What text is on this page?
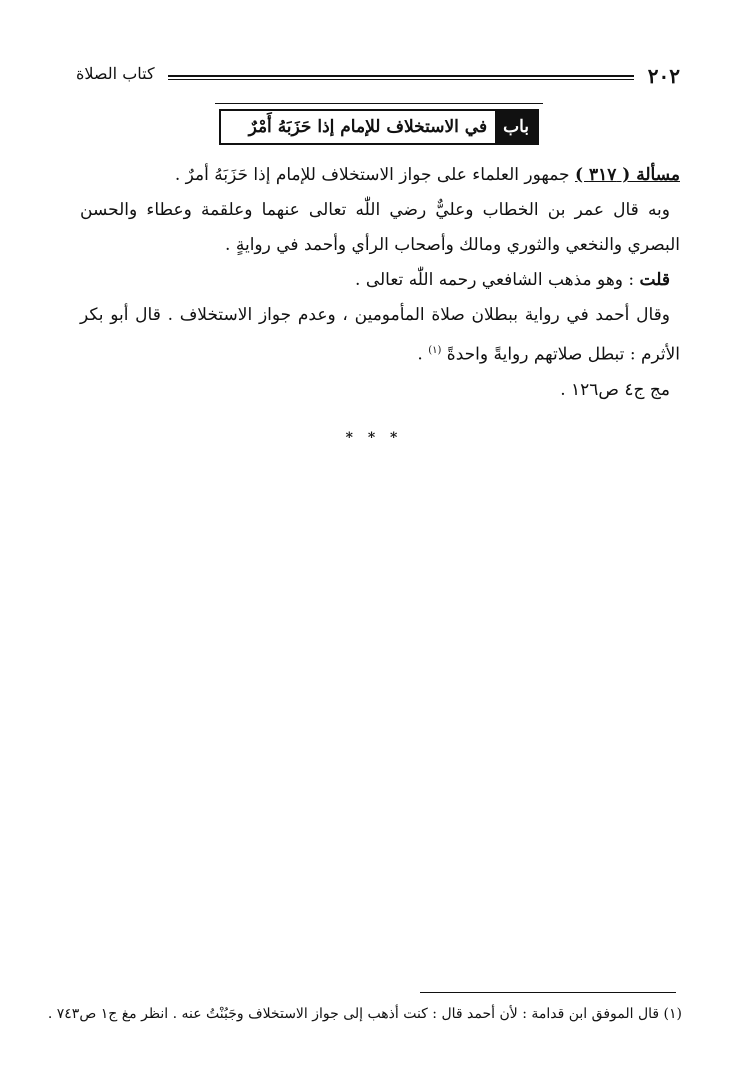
٢٠٢
كتاب الصلاة
باب
في الاستخلاف للإمام إذا حَزَبَهُ أَمْرٌ

مسألة ( ٣١٧ ) جمهور العلماء على جواز الاستخلاف للإمام إذا حَزَبَهُ أمرٌ .

وبه قال عمر بن الخطاب وعليٌّ رضي اللّٰه تعالى عنهما وعلقمة وعطاء والحسن البصري والنخعي والثوري ومالك وأصحاب الرأي وأحمد في روايةٍ .

قلت : وهو مذهب الشافعي رحمه اللّٰه تعالى .

وقال أحمد في رواية ببطلان صلاة المأمومين ، وعدم جواز الاستخلاف . قال أبو بكر الأثرم : تبطل صلاتهم روايةً واحدةً $^{(١)}$ .

مج ج٤ ص١٢٦ .

* * *
(١) قال الموفق ابن قدامة : لأن أحمد قال : كنت أذهب إلى جواز الاستخلاف وجَبُنْتُ عنه . انظر مغ ج١ ص٧٤٣ .
